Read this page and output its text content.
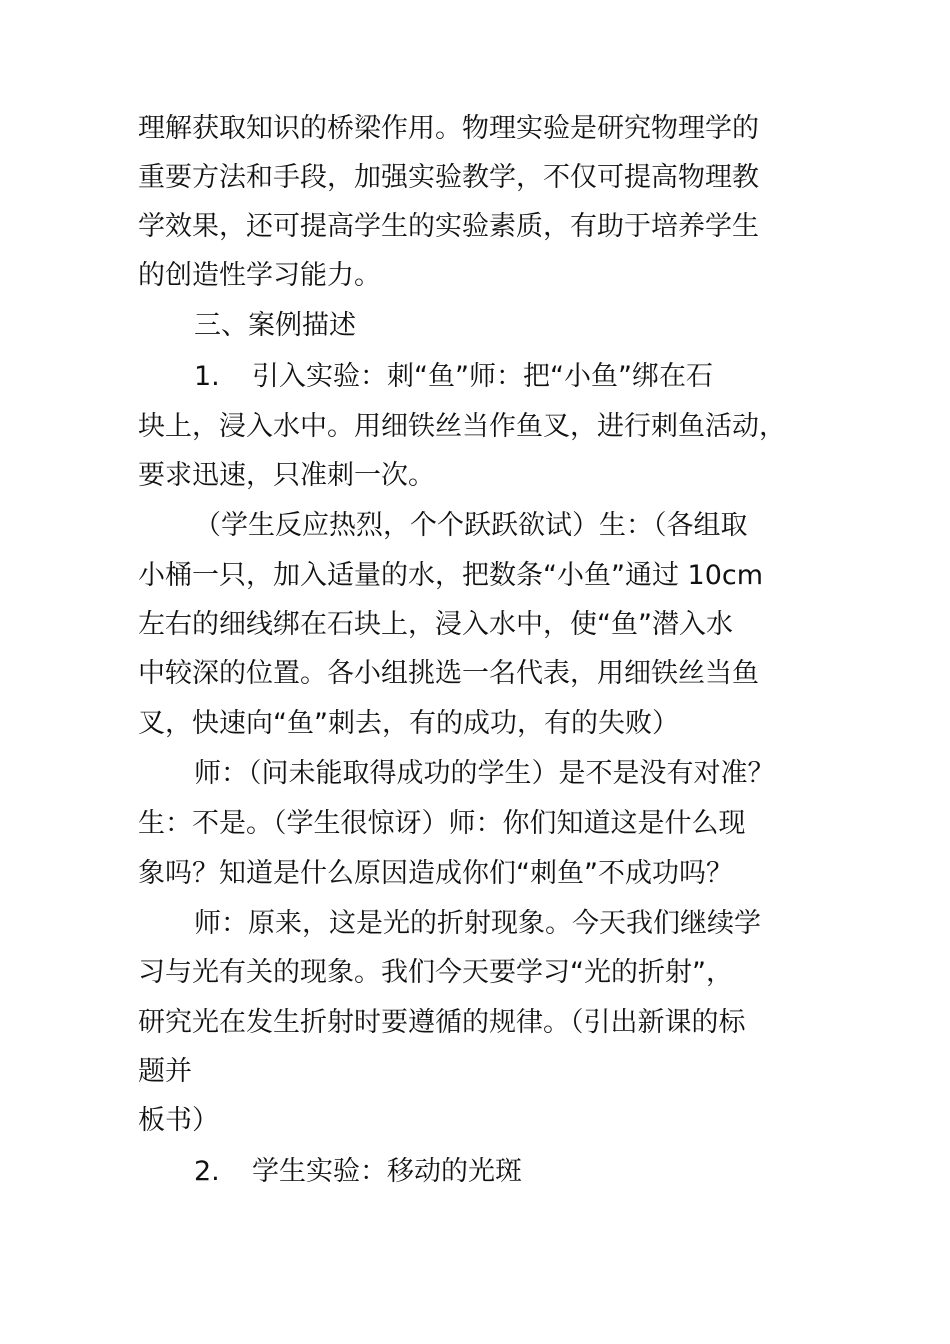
理解获取知识的桥梁作用。物理实验是研究物理学的
重要方法和手段，加强实验教学，不仅可提高物理教
学效果，还可提高学生的实验素质，有助于培养学生
的创造性学习能力。
三、案例描述
1. 引入实验：刺“鱼”师：把“小鱼”绑在石
块上，浸入水中。用细铁丝当作鱼叉，进行刺鱼活动，
要求迅速，只准刺一次。
（学生反应热烈，个个跃跃欲试）生：（各组取
小桶一只，加入适量的水，把数条“小鱼”通过 10cm
左右的细线绑在石块上，浸入水中，使“鱼”潜入水
中较深的位置。各小组挑选一名代表，用细铁丝当鱼
叉，快速向“鱼”刺去，有的成功，有的失败）
师：（问未能取得成功的学生）是不是没有对准？
生：不是。（学生很惊讶）师：你们知道这是什么现
象吗？知道是什么原因造成你们“刺鱼”不成功吗？
师：原来，这是光的折射现象。今天我们继续学
习与光有关的现象。我们今天要学习“光的折射”，
研究光在发生折射时要遵循的规律。（引出新课的标
题并
板书）
2. 学生实验：移动的光斑
